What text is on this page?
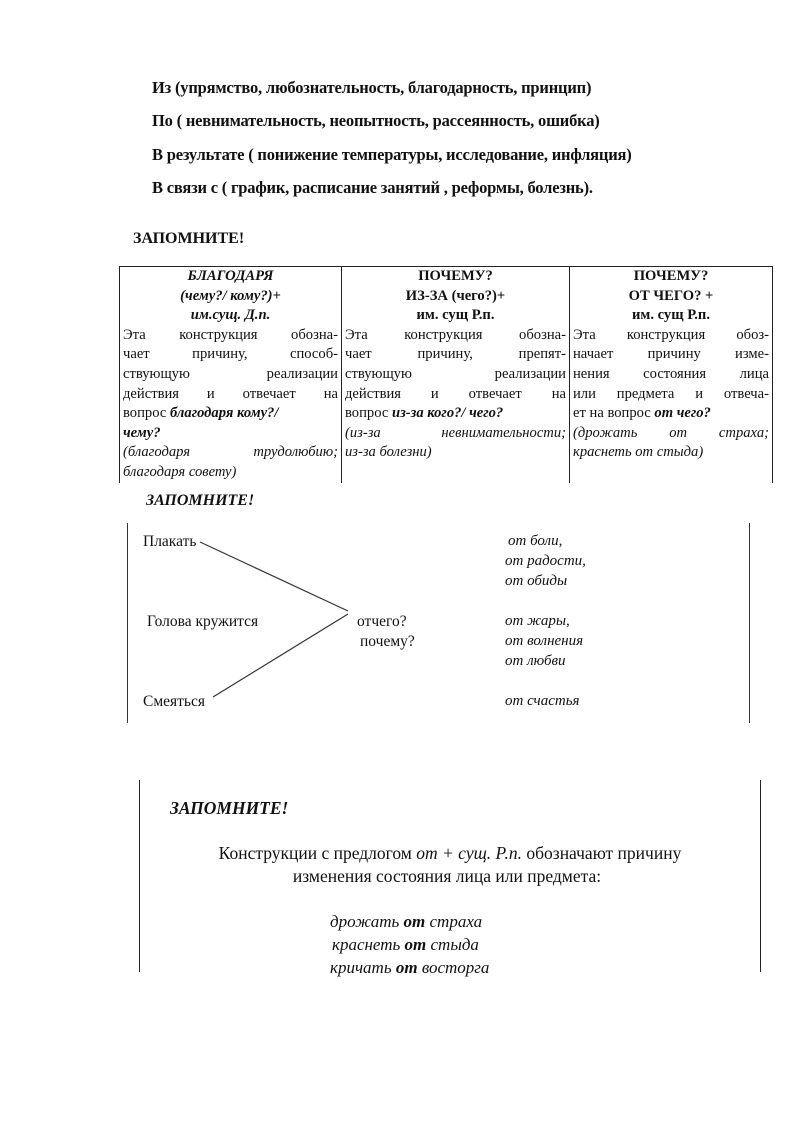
Из (упрямство, любознательность, благодарность, принцип)
По ( невнимательность, неопытность, рассеянность, ошибка)
В результате ( понижение температуры, исследование, инфляция)
В связи с ( график, расписание занятий , реформы, болезнь).
ЗАПОМНИТЕ!
БЛАГОДАРЯ
(чему?/ кому?)+
им.сущ. Д.п.
Эта конструкция обозна-
чает причину, способ-
ствующую реализации
действия и отвечает на
вопрос благодаря кому?/
чему?
(благодаря трудолюбию;
благодаря совету)
ПОЧЕМУ?
ИЗ-ЗА (чего?)+
им. сущ Р.п.
Эта конструкция обозна-
чает причину, препят-
ствующую реализации
действия и отвечает на
вопрос из-за кого?/ чего?
(из-за невнимательности;
из-за болезни)
ПОЧЕМУ?
ОТ ЧЕГО? +
им. сущ Р.п.
Эта конструкция обоз-
начает причину изме-
нения состояния лица
или предмета и отвеча-
ет на вопрос от чего?
(дрожать от страха;
краснеть от стыда)
ЗАПОМНИТЕ!
Плакать
Голова кружится
Смеяться
отчего?
почему?
от боли,
от радости,
от обиды
от жары,
от волнения
от любви
от счастья
ЗАПОМНИТЕ!
Конструкции с предлогом от + сущ. Р.п. обозначают причину
изменения состояния лица или предмета:
дрожать от страха
краснеть от стыда
кричать от восторга
